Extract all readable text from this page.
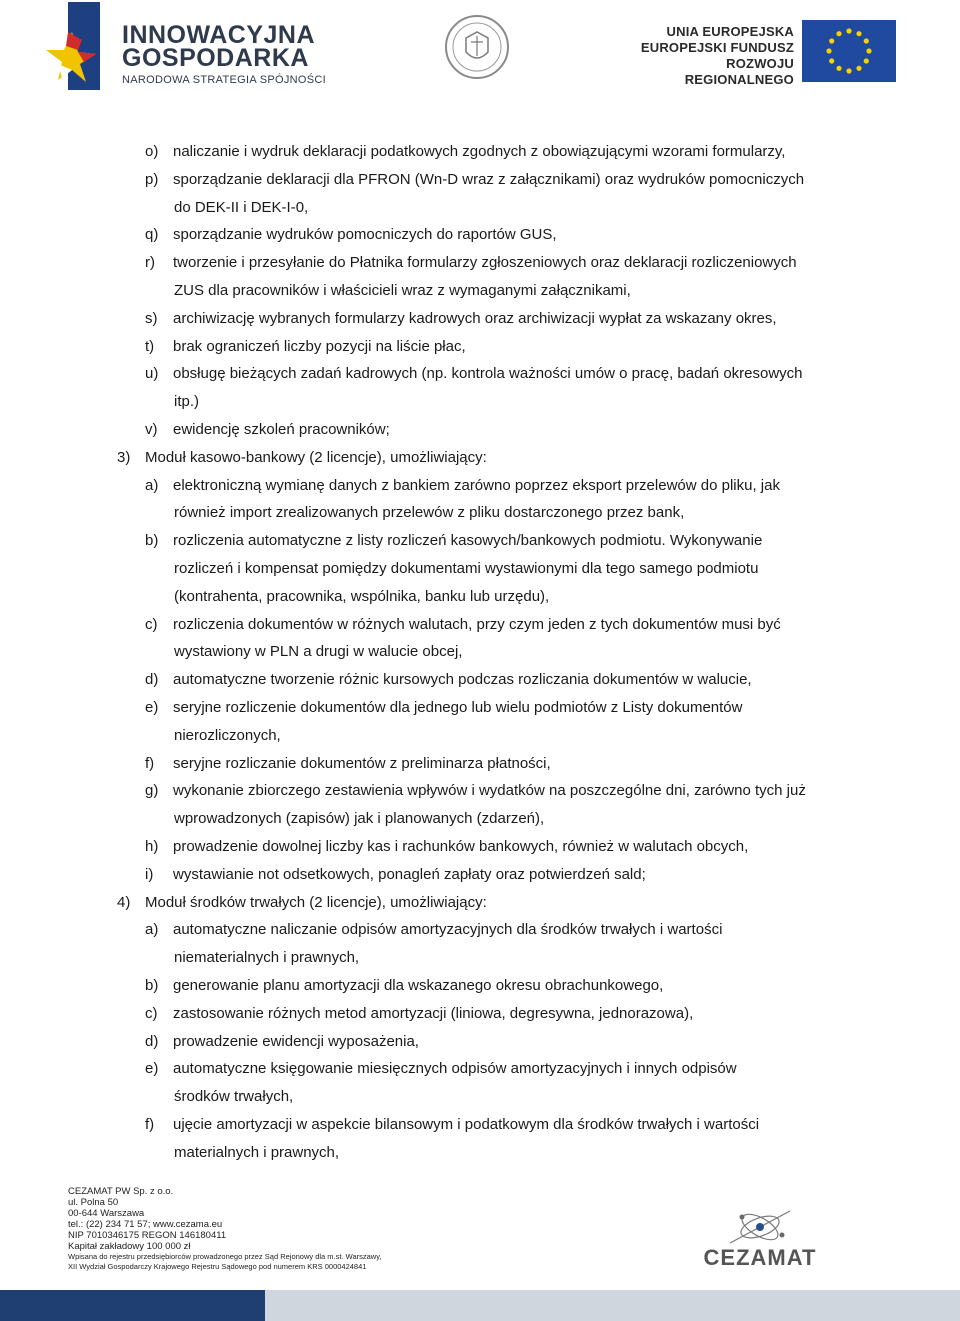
INNOWACYJNA
GOSPODARKA
NARODOWA STRATEGIA SPÓJNOŚCI
UNIA EUROPEJSKA
EUROPEJSKI FUNDUSZ
ROZWOJU REGIONALNEGO
o) naliczanie i wydruk deklaracji podatkowych zgodnych z obowiązującymi wzorami formularzy,
p) sporządzanie deklaracji dla PFRON (Wn-D wraz z załącznikami) oraz wydruków pomocniczych
do DEK-II i DEK-I-0,
q) sporządzanie wydruków pomocniczych do raportów GUS,
r) tworzenie i przesyłanie do Płatnika formularzy zgłoszeniowych oraz deklaracji rozliczeniowych
ZUS dla pracowników i właścicieli wraz z wymaganymi załącznikami,
s) archiwizację wybranych formularzy kadrowych oraz archiwizacji wypłat za wskazany okres,
t) brak ograniczeń liczby pozycji na liście płac,
u) obsługę bieżących zadań kadrowych (np. kontrola ważności umów o pracę, badań okresowych
itp.)
v) ewidencję szkoleń pracowników;
3) Moduł kasowo-bankowy (2 licencje), umożliwiający:
a) elektroniczną wymianę danych z bankiem zarówno poprzez eksport przelewów do pliku, jak
również import zrealizowanych przelewów z pliku dostarczonego przez bank,
b) rozliczenia automatyczne z listy rozliczeń kasowych/bankowych podmiotu. Wykonywanie
rozliczeń i kompensat pomiędzy dokumentami wystawionymi dla tego samego podmiotu
(kontrahenta, pracownika, wspólnika, banku lub urzędu),
c) rozliczenia dokumentów w różnych walutach, przy czym jeden z tych dokumentów musi być
wystawiony w PLN a drugi w walucie obcej,
d) automatyczne tworzenie różnic kursowych podczas rozliczania dokumentów w walucie,
e) seryjne rozliczenie dokumentów dla jednego lub wielu podmiotów z Listy dokumentów
nierozliczonych,
f) seryjne rozliczanie dokumentów z preliminarza płatności,
g) wykonanie zbiorczego zestawienia wpływów i wydatków na poszczególne dni, zarówno tych już
wprowadzonych (zapisów) jak i planowanych (zdarzeń),
h) prowadzenie dowolnej liczby kas i rachunków bankowych, również w walutach obcych,
i) wystawianie not odsetkowych, ponagleń zapłaty oraz potwierdzeń sald;
4) Moduł środków trwałych (2 licencje), umożliwiający:
a) automatyczne naliczanie odpisów amortyzacyjnych dla środków trwałych i wartości
niematerialnych i prawnych,
b) generowanie planu amortyzacji dla wskazanego okresu obrachunkowego,
c) zastosowanie różnych metod amortyzacji (liniowa, degresywna, jednorazowa),
d) prowadzenie ewidencji wyposażenia,
e) automatyczne księgowanie miesięcznych odpisów amortyzacyjnych i innych odpisów
środków trwałych,
f) ujęcie amortyzacji w aspekcie bilansowym i podatkowym dla środków trwałych i wartości
materialnych i prawnych,
CEZAMAT PW Sp. z o.o.
ul. Polna 50
00-644 Warszawa
tel.: (22) 234 71 57; www.cezama.eu
NIP 7010346175 REGON 146180411
Kapitał zakładowy 100 000 zł
Wpisana do rejestru przedsiębiorców prowadzonego przez Sąd Rejonowy dla m.st. Warszawy,
XII Wydział Gospodarczy Krajowego Rejestru Sądowego pod numerem KRS 0000424841	CEZAMAT
